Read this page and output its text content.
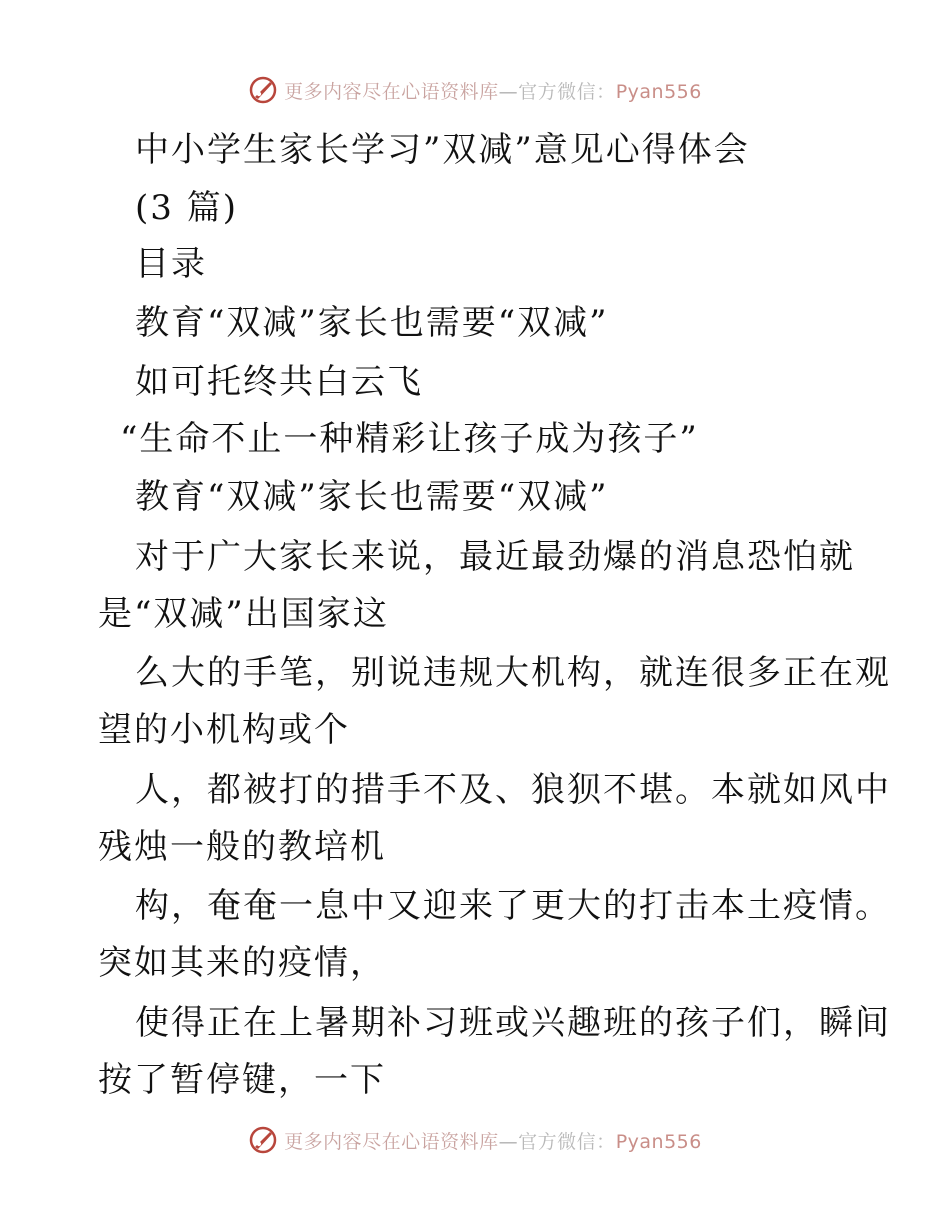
更多内容尽在心语资料库—官方微信：Pyan556
中小学生家长学习”双减”意见心得体会
(3 篇)
目录
教育“双减”家长也需要“双减”
如可托终共白云飞
“生命不止一种精彩让孩子成为孩子”
教育“双减”家长也需要“双减”
对于广大家长来说，最近最劲爆的消息恐怕就
是“双减”出国家这
么大的手笔，别说违规大机构，就连很多正在观
望的小机构或个
人，都被打的措手不及、狼狈不堪。本就如风中
残烛一般的教培机
构，奄奄一息中又迎来了更大的打击本土疫情。
突如其来的疫情，
使得正在上暑期补习班或兴趣班的孩子们，瞬间
按了暂停键，一下
更多内容尽在心语资料库—官方微信：Pyan556
